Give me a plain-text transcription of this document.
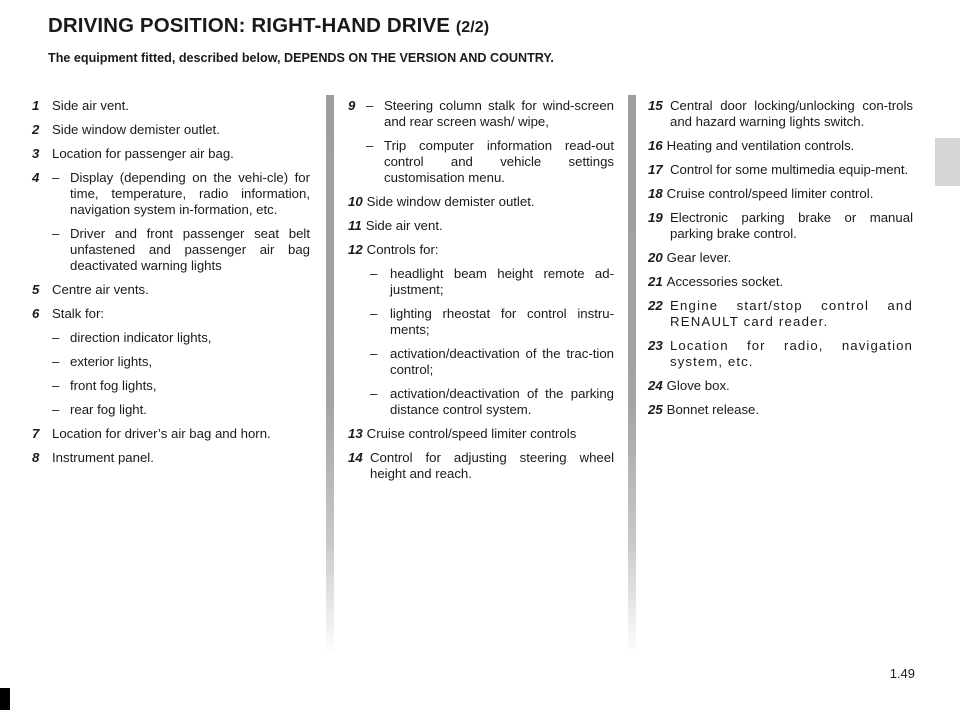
DRIVING POSITION: RIGHT-HAND DRIVE (2/2)
The equipment fitted, described below, DEPENDS ON THE VERSION AND COUNTRY.
1 Side air vent.
2 Side window demister outlet.
3 Location for passenger air bag.
4 – Display (depending on the vehi-cle) for time, temperature, radio information, navigation system in-formation, etc.
– Driver and front passenger seat belt unfastened and passenger air bag deactivated warning lights
5 Centre air vents.
6 Stalk for:
– direction indicator lights,
– exterior lights,
– front fog lights,
– rear fog light.
7 Location for driver’s air bag and horn.
8 Instrument panel.
9 – Steering column stalk for wind-screen and rear screen wash/ wipe,
– Trip computer information read-out control and vehicle settings customisation menu.
10 Side window demister outlet.
11 Side air vent.
12 Controls for:
– headlight beam height remote ad-justment;
– lighting rheostat for control instru-ments;
– activation/deactivation of the trac-tion control;
– activation/deactivation of the parking distance control system.
13 Cruise control/speed limiter controls
14 Control for adjusting steering wheel height and reach.
15 Central door locking/unlocking con-trols and hazard warning lights switch.
16 Heating and ventilation controls.
17 Control for some multimedia equip-ment.
18 Cruise control/speed limiter control.
19 Electronic parking brake or manual parking brake control.
20 Gear lever.
21 Accessories socket.
22 Engine start/stop control and RENAULT card reader.
23 Location for radio, navigation system, etc.
24 Glove box.
25 Bonnet release.
1.49
